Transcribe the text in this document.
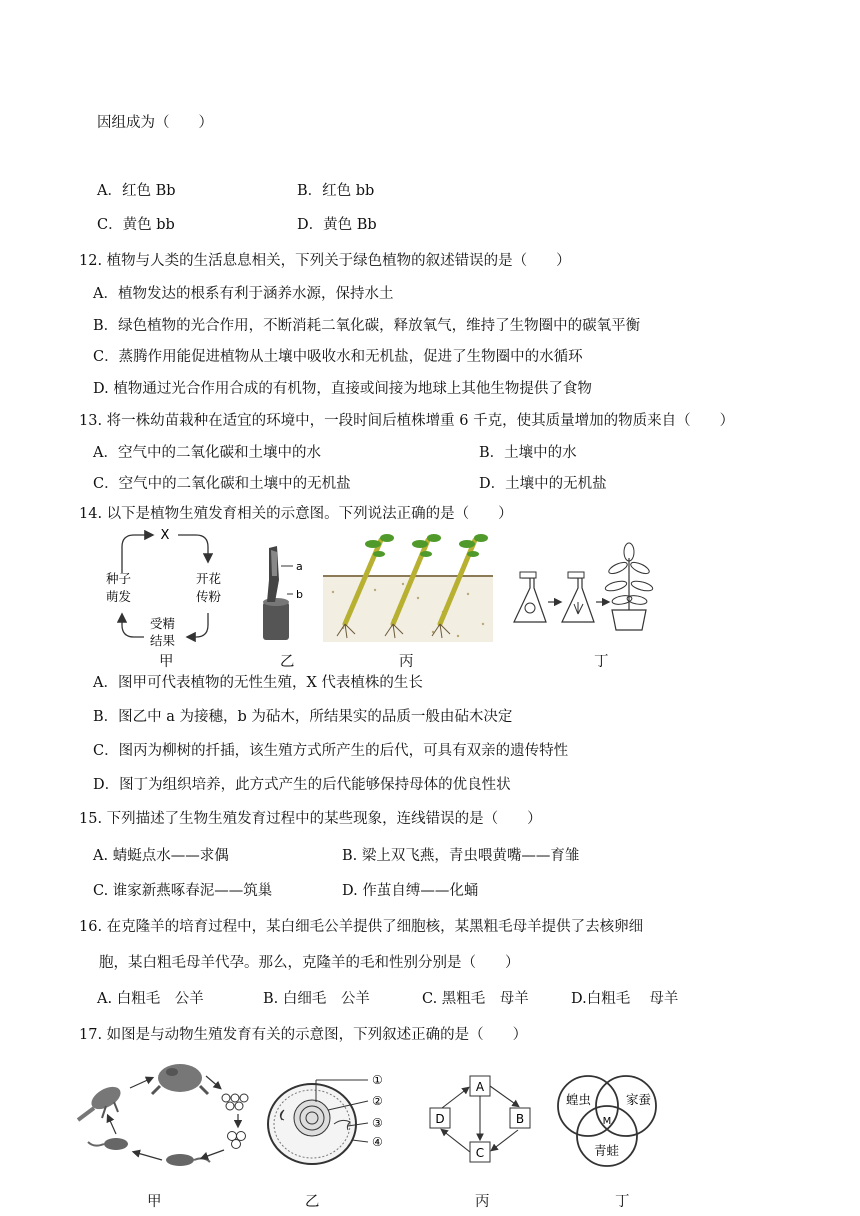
因组成为（　　）
A．红色 Bb	B．红色 bb
C．黄色 bb	D．黄色 Bb
12. 植物与人类的生活息息相关，下列关于绿色植物的叙述错误的是（　　）
A．植物发达的根系有利于涵养水源，保持水土
B．绿色植物的光合作用，不断消耗二氧化碳，释放氧气，维持了生物圈中的碳氧平衡
C．蒸腾作用能促进植物从土壤中吸收水和无机盐，促进了生物圈中的水循环
D. 植物通过光合作用合成的有机物，直接或间接为地球上其他生物提供了食物
13. 将一株幼苗栽种在适宜的环境中，一段时间后植株增重 6 千克，使其质量增加的物质来自（　　）
A．空气中的二氧化碳和土壤中的水	B．土壤中的水
C．空气中的二氧化碳和土壤中的无机盐	D．土壤中的无机盐
14. 以下是植物生殖发育相关的示意图。下列说法正确的是（　　）
X
种子
萌发
开花
传粉
受精
结果
a
b
甲	乙	丙	丁
A．图甲可代表植物的无性生殖，X 代表植株的生长
B．图乙中 a 为接穗，b 为砧木，所结果实的品质一般由砧木决定
C．图丙为柳树的扦插，该生殖方式所产生的后代，可具有双亲的遗传特性
D．图丁为组织培养，此方式产生的后代能够保持母体的优良性状
15. 下列描述了生物生殖发育过程中的某些现象，连线错误的是（　　）
A. 蜻蜓点水——求偶	B. 梁上双飞燕，青虫喂黄嘴——育雏
C. 谁家新燕啄春泥——筑巢	D. 作茧自缚——化蛹
16. 在克隆羊的培育过程中，某白细毛公羊提供了细胞核，某黑粗毛母羊提供了去核卵细
胞，某白粗毛母羊代孕。那么，克隆羊的毛和性别分别是（　　）
A. 白粗毛　公羊	B. 白细毛　公羊	C. 黑粗毛　母羊	D.白粗毛　 母羊
17. 如图是与动物生殖发育有关的示意图，下列叙述正确的是（　　）
①
②
③
④
A
B
C
D
蝗虫	家蚕
青蛙
M
甲	乙	丙	丁
